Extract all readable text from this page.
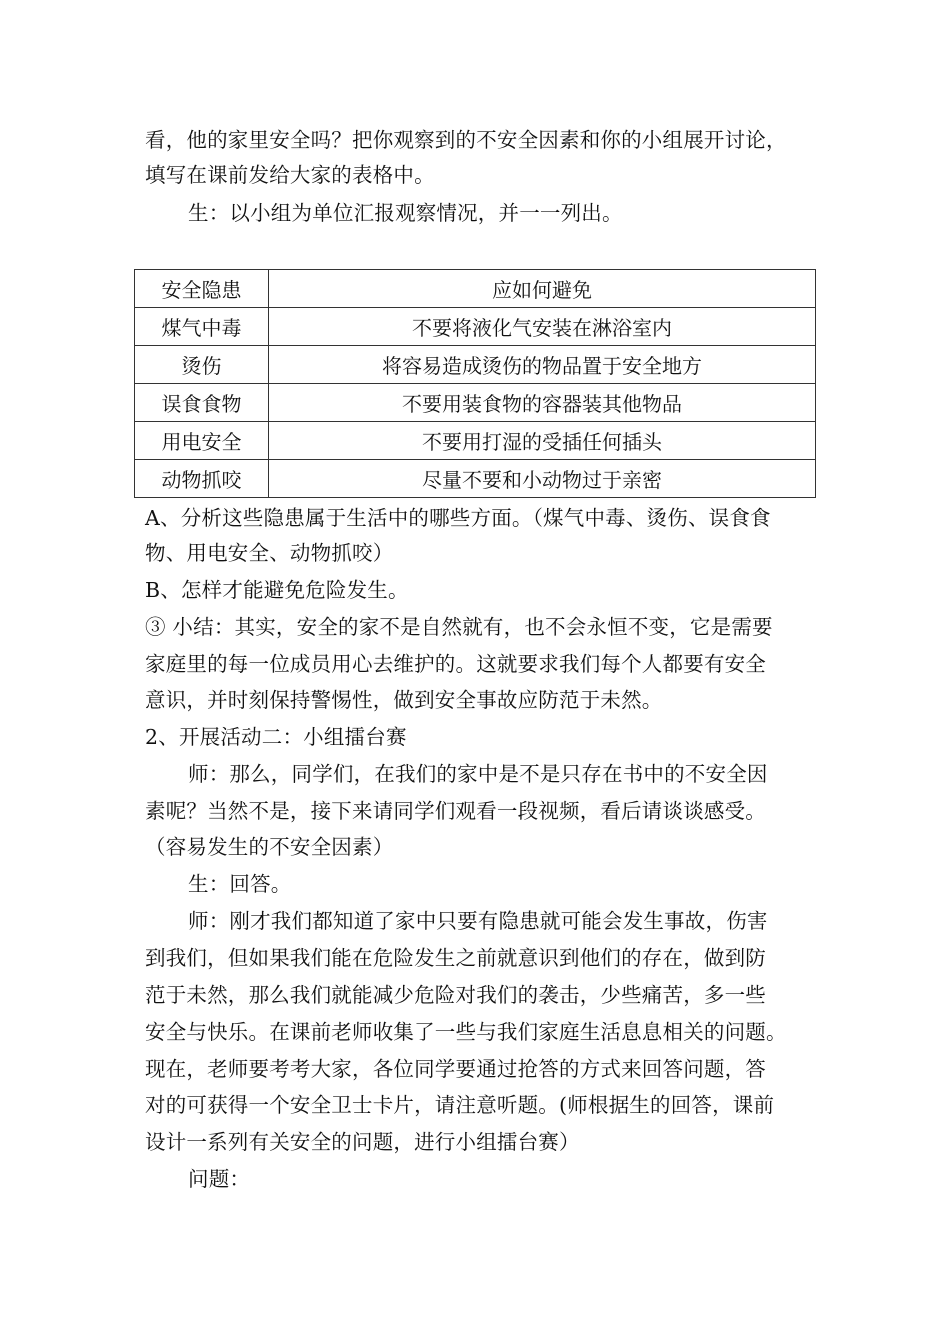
看，他的家里安全吗？把你观察到的不安全因素和你的小组展开讨论，
填写在课前发给大家的表格中。
生：以小组为单位汇报观察情况，并一一列出。
安全隐患	应如何避免
煤气中毒	不要将液化气安装在淋浴室内
烫伤	将容易造成烫伤的物品置于安全地方
误食食物	不要用装食物的容器装其他物品
用电安全	不要用打湿的受插任何插头
动物抓咬	尽量不要和小动物过于亲密
A、分析这些隐患属于生活中的哪些方面。（煤气中毒、烫伤、误食食
物、用电安全、动物抓咬）
B、怎样才能避免危险发生。
③ 小结：其实，安全的家不是自然就有，也不会永恒不变，它是需要
家庭里的每一位成员用心去维护的。这就要求我们每个人都要有安全
意识，并时刻保持警惕性，做到安全事故应防范于未然。
2、开展活动二：小组擂台赛
师：那么，同学们，在我们的家中是不是只存在书中的不安全因
素呢？当然不是，接下来请同学们观看一段视频，看后请谈谈感受。
（容易发生的不安全因素）
生：回答。
师：刚才我们都知道了家中只要有隐患就可能会发生事故，伤害
到我们，但如果我们能在危险发生之前就意识到他们的存在，做到防
范于未然，那么我们就能减少危险对我们的袭击，少些痛苦，多一些
安全与快乐。在课前老师收集了一些与我们家庭生活息息相关的问题。
现在，老师要考考大家，各位同学要通过抢答的方式来回答问题，答
对的可获得一个安全卫士卡片，请注意听题。(师根据生的回答，课前
设计一系列有关安全的问题，进行小组擂台赛）
问题：
